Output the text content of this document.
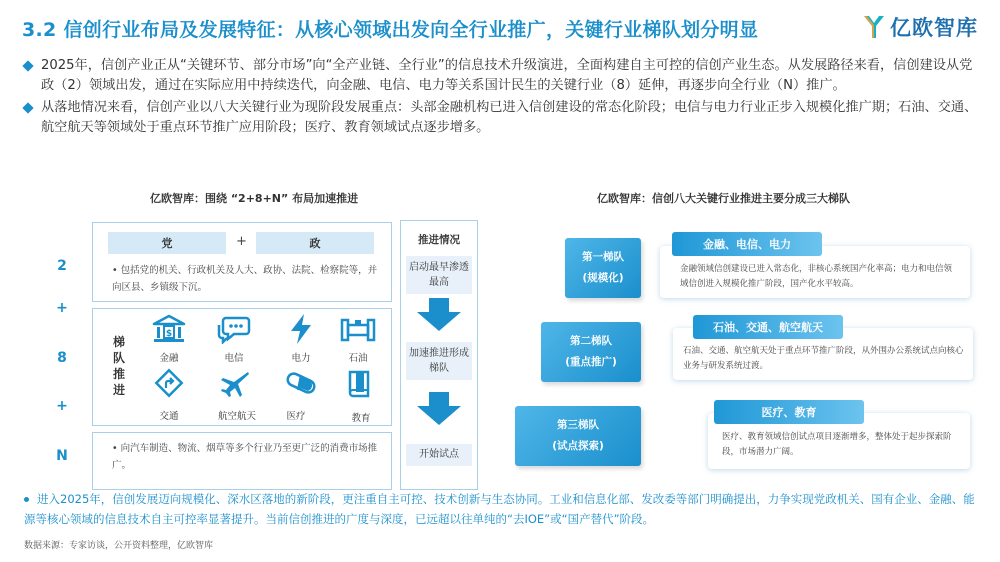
3.2 信创行业布局及发展特征：从核心领域出发向全行业推广，关键行业梯队划分明显	亿欧智库
2025年，信创产业正从“关键环节、部分市场”向“全产业链、全行业”的信息技术升级演进，全面构建自主可控的信创产业生态。从发展路径来看，信创建设从党政（2）领域出发，通过在实际应用中持续迭代，向金融、电信、电力等关系国计民生的关键行业（8）延伸，再逐步向全行业（N）推广。
从落地情况来看，信创产业以八大关键行业为现阶段发展重点：头部金融机构已进入信创建设的常态化阶段；电信与电力行业正步入规模化推广期；石油、交通、航空航天等领域处于重点环节推广应用阶段；医疗、教育领域试点逐步增多。
亿欧智库：围绕 “2+8+N” 布局加速推进
2
+
8
+
N
党	+	政
• 包括党的机关、行政机关及人大、政协、法院、检察院等，并向区县、乡镇级下沉。
梯队推进
$
金融	电信	电力	石油
交通	航空航天	医疗	教育
• 向汽车制造、物流、烟草等多个行业乃至更广泛的消费市场推广。
推进情况
启动最早渗透最高
加速推进形成梯队
开始试点
亿欧智库：信创八大关键行业推进主要分成三大梯队
第一梯队
(规模化)
金融、电信、电力
金融领域信创建设已进入常态化，非核心系统国产化率高；电力和电信领域信创进入规模化推广阶段，国产化水平较高。
第二梯队
(重点推广)
石油、交通、航空航天
石油、交通、航空航天处于重点环节推广阶段，从外围办公系统试点向核心业务与研发系统过渡。
第三梯队
(试点探索)
医疗、教育
医疗、教育领域信创试点项目逐渐增多，整体处于起步探索阶段，市场潜力广阔。
进入2025年，信创发展迈向规模化、深水区落地的新阶段，更注重自主可控、技术创新与生态协同。工业和信息化部、发改委等部门明确提出，力争实现党政机关、国有企业、金融、能源等核心领域的信息技术自主可控率显著提升。当前信创推进的广度与深度，已远超以往单纯的“去IOE”或“国产替代”阶段。
数据来源：专家访谈，公开资料整理，亿欧智库
